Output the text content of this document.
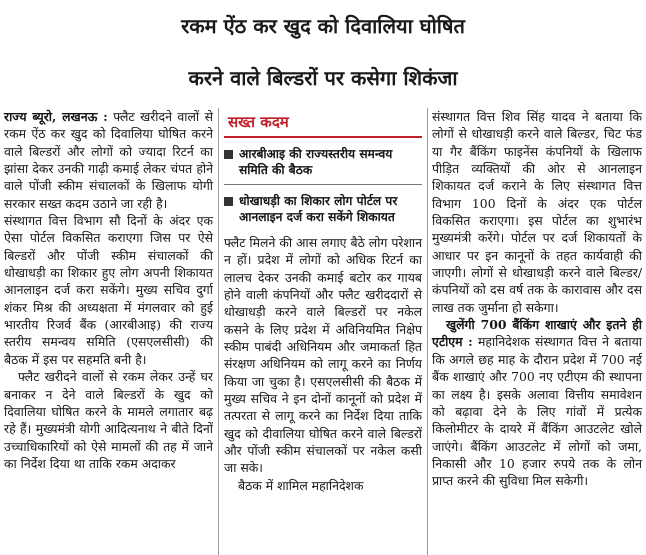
रकम ऐंठ कर खुद को दिवालिया घोषित
करने वाले बिल्डरों पर कसेगा शिकंजा

राज्य ब्यूरो, लखनऊ : फ्लैट खरीदने वालों से रकम ऐंठ कर खुद को दिवालिया घोषित करने वाले बिल्डरों और लोगों को ज्यादा रिटर्न का झांसा देकर उनकी गाढ़ी कमाई लेकर चंपत होने वाले पोंजी स्कीम संचालकों के खिलाफ योगी सरकार सख्त कदम उठाने जा रही है।

संस्थागत वित्त विभाग सौ दिनों के अंदर एक ऐसा पोर्टल विकसित कराएगा जिस पर ऐसे बिल्डरों और पोंजी स्कीम संचालकों की धोखाधड़ी का शिकार हुए लोग अपनी शिकायत आनलाइन दर्ज करा सकेंगे। मुख्य सचिव दुर्गा शंकर मिश्र की अध्यक्षता में मंगलवार को हुई भारतीय रिजर्व बैंक (आरबीआइ) की राज्य स्तरीय समन्वय समिति (एसएलसीसी) की बैठक में इस पर सहमति बनी है।

फ्लैट खरीदने वालों से रकम लेकर उन्हें घर बनाकर न देने वाले बिल्डरों के खुद को दिवालिया घोषित करने के मामले लगातार बढ़ रहे हैं। मुख्यमंत्री योगी आदित्यनाथ ने बीते दिनों उच्चाधिकारियों को ऐसे मामलों की तह में जाने का निर्देश दिया था ताकि रकम अदाकर

सख्त कदम
आरबीआइ की राज्यस्तरीय समन्वय समिति की बैठक
धोखाधड़ी का शिकार लोग पोर्टल पर आनलाइन दर्ज करा सकेंगे शिकायत

फ्लैट मिलने की आस लगाए बैठे लोग परेशान न हों। प्रदेश में लोगों को अधिक रिटर्न का लालच देकर उनकी कमाई बटोर कर गायब होने वाली कंपनियों और फ्लैट खरीददारों से धोखाधड़ी करने वाले बिल्डरों पर नकेल कसने के लिए प्रदेश में अविनियमित निक्षेप स्कीम पाबंदी अधिनियम और जमाकर्ता हित संरक्षण अधिनियम को लागू करने का निर्णय किया जा चुका है। एसएलसीसी की बैठक में मुख्य सचिव ने इन दोनों कानूनों को प्रदेश में तत्परता से लागू करने का निर्देश दिया ताकि खुद को दीवालिया घोषित करने वाले बिल्डरों और पोंजी स्कीम संचालकों पर नकेल कसी जा सके।

बैठक में शामिल महानिदेशक

संस्थागत वित्त शिव सिंह यादव ने बताया कि लोगों से धोखाधड़ी करने वाले बिल्डर, चिट फंड या गैर बैंकिंग फाइनेंस कंपनियों के खिलाफ पीड़ित व्यक्तियों की ओर से आनलाइन शिकायत दर्ज कराने के लिए संस्थागत वित्त विभाग 100 दिनों के अंदर एक पोर्टल विकसित कराएगा। इस पोर्टल का शुभारंभ मुख्यमंत्री करेंगे। पोर्टल पर दर्ज शिकायतों के आधार पर इन कानूनों के तहत कार्यवाही की जाएगी। लोगों से धोखाधड़ी करने वाले बिल्डर/कंपनियों को दस वर्ष तक के कारावास और दस लाख तक जुर्माना हो सकेगा।

खुलेंगी 700 बैंकिंग शाखाएं और इतने ही एटीएम : महानिदेशक संस्थागत वित्त ने बताया कि अगले छह माह के दौरान प्रदेश में 700 नई बैंक शाखाएं और 700 नए एटीएम की स्थापना का लक्ष्य है। इसके अलावा वित्तीय समावेशन को बढ़ावा देने के लिए गांवों में प्रत्येक किलोमीटर के दायरे में बैंकिंग आउटलेट खोले जाएंगे। बैंकिंग आउटलेट में लोगों को जमा, निकासी और 10 हजार रुपये तक के लोन प्राप्त करने की सुविधा मिल सकेगी।
